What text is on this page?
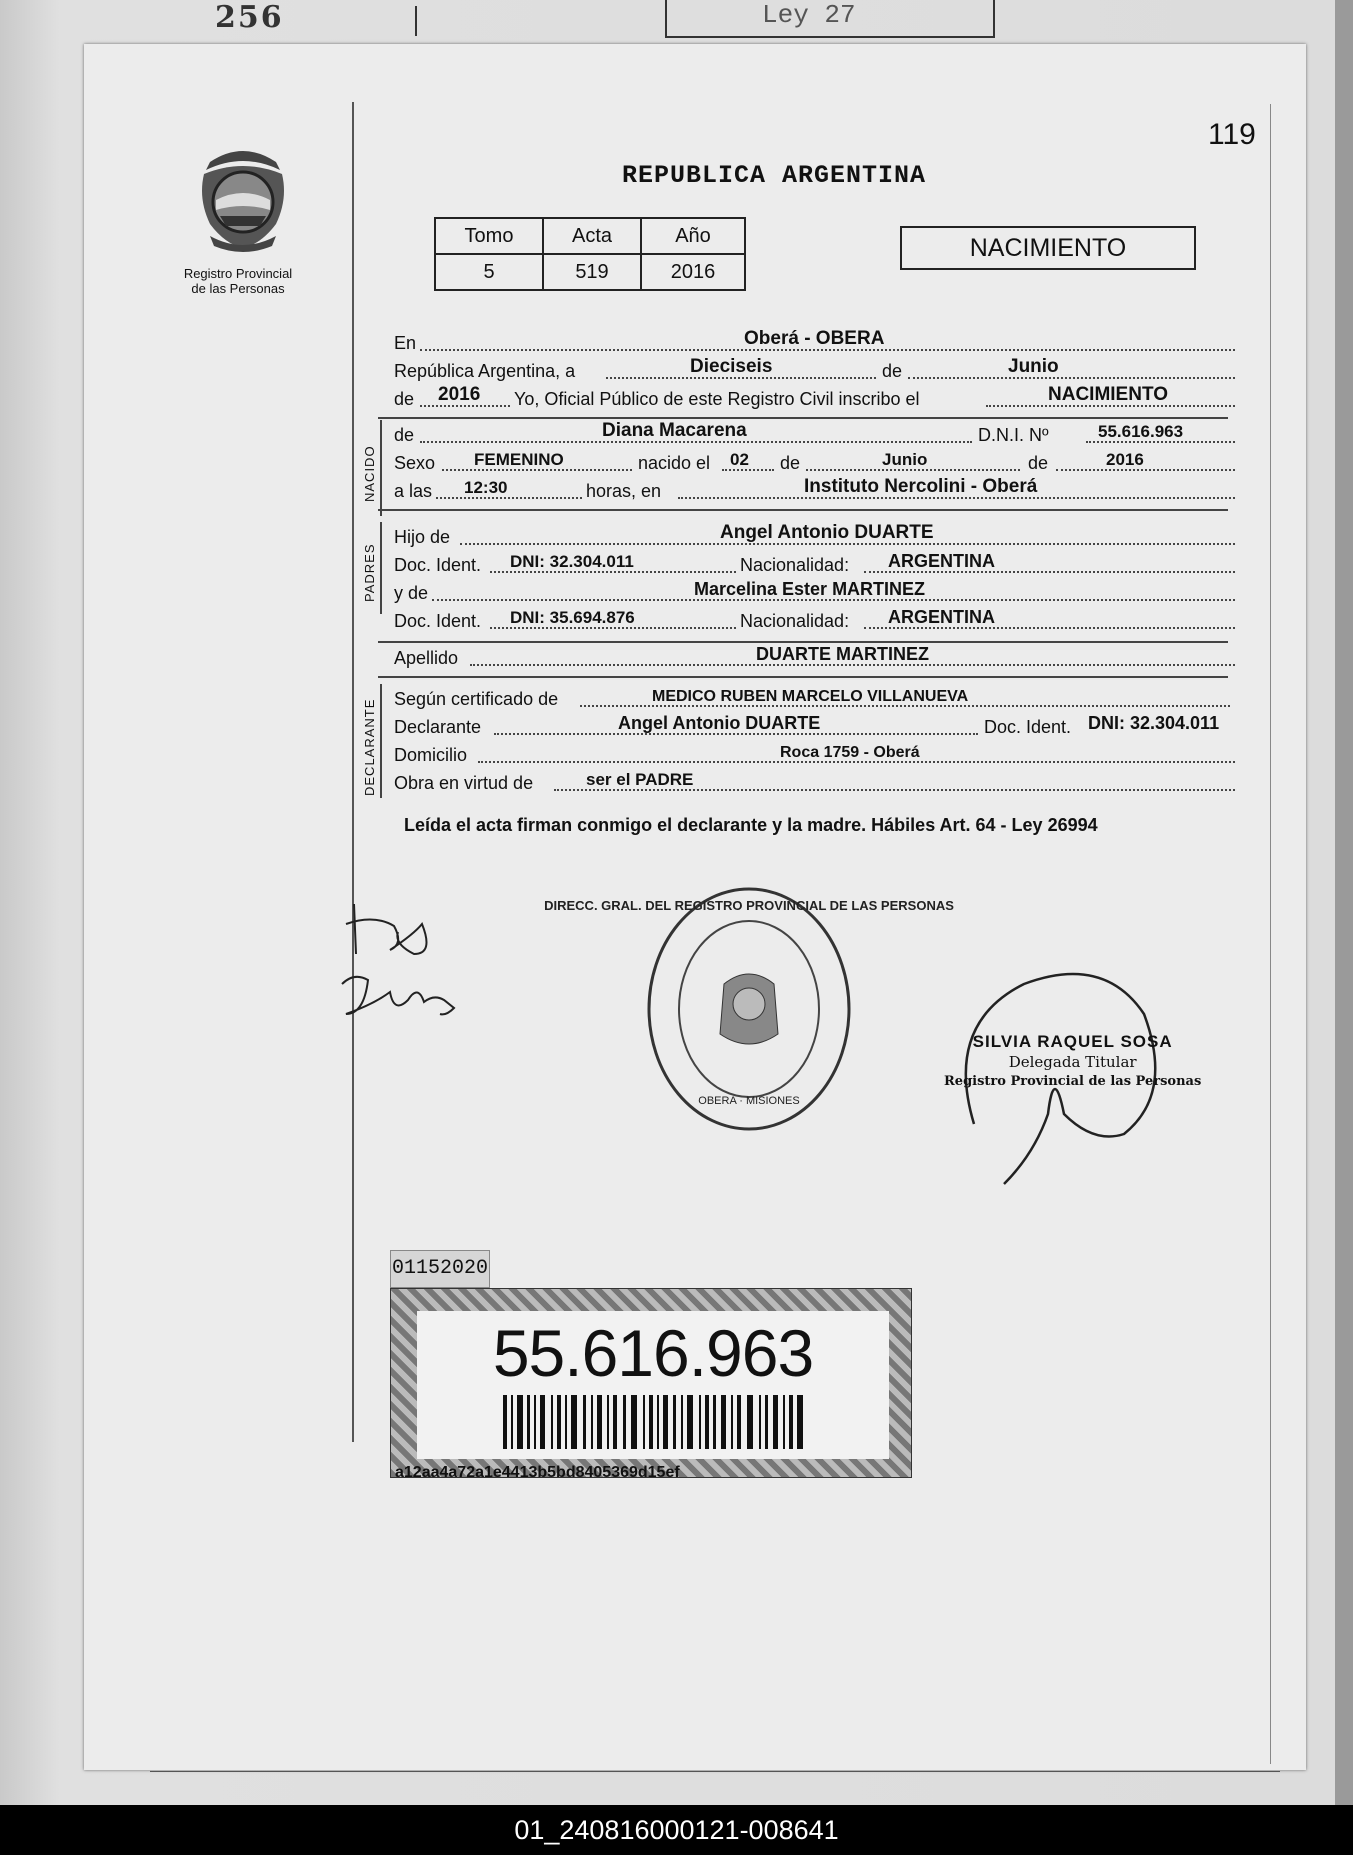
256	Ley 27
119
Registro Provincial
de las Personas
REPUBLICA ARGENTINA
Tomo	Acta	Año
5	519	2016
NACIMIENTO
En	Oberá - OBERA
República Argentina, a	Dieciseis	de	Junio
de 2016 Yo, Oficial Público de este Registro Civil inscribo el	NACIMIENTO
NACIDO
de	Diana Macarena	D.N.I. Nº	55.616.963
Sexo FEMENINO	nacido el 02 de	Junio	de	2016
a las 12:30	horas, en	Instituto Nercolini - Oberá
PADRES
Hijo de	Angel Antonio DUARTE
Doc. Ident. DNI: 32.304.011	Nacionalidad: ARGENTINA
y de	Marcelina Ester MARTINEZ
Doc. Ident. DNI: 35.694.876	Nacionalidad: ARGENTINA
Apellido	DUARTE MARTINEZ
DECLARANTE Según certificado de	MEDICO RUBEN MARCELO VILLANUEVA
Declarante	Angel Antonio DUARTE	Doc. Ident. DNI: 32.304.011
Domicilio	Roca 1759 - Oberá
Obra en virtud de	ser el PADRE
Leída el acta firman conmigo el declarante y la madre. Hábiles Art. 64 - Ley 26994
DIRECC. GRAL. DEL REGISTRO PROVINCIAL DE LAS PERSONAS
OBERA · MISIONES
SILVIA RAQUEL SOSA
Delegada Titular
Registro Provincial de las Personas
01152020
55.616.963
a12aa4a72a1e4413b5bd8405369d15ef
01_240816000121-008641
